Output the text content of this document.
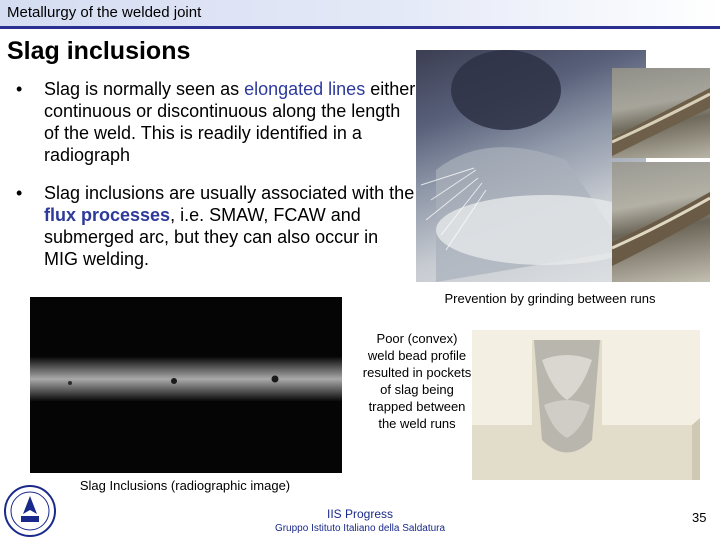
Metallurgy of the welded joint
Slag inclusions
• Slag is normally seen as elongated lines either continuous or discontinuous along the length of the weld. This is readily identified in a radiograph
• Slag inclusions are usually associated with the flux processes, i.e. SMAW, FCAW and submerged arc, but they can also occur in MIG welding.
Prevention by grinding between runs
Slag Inclusions (radiographic image)
Poor (convex) weld bead profile resulted in pockets of slag being trapped between the weld runs
IIS Progress
Gruppo Istituto Italiano della Saldatura
35
